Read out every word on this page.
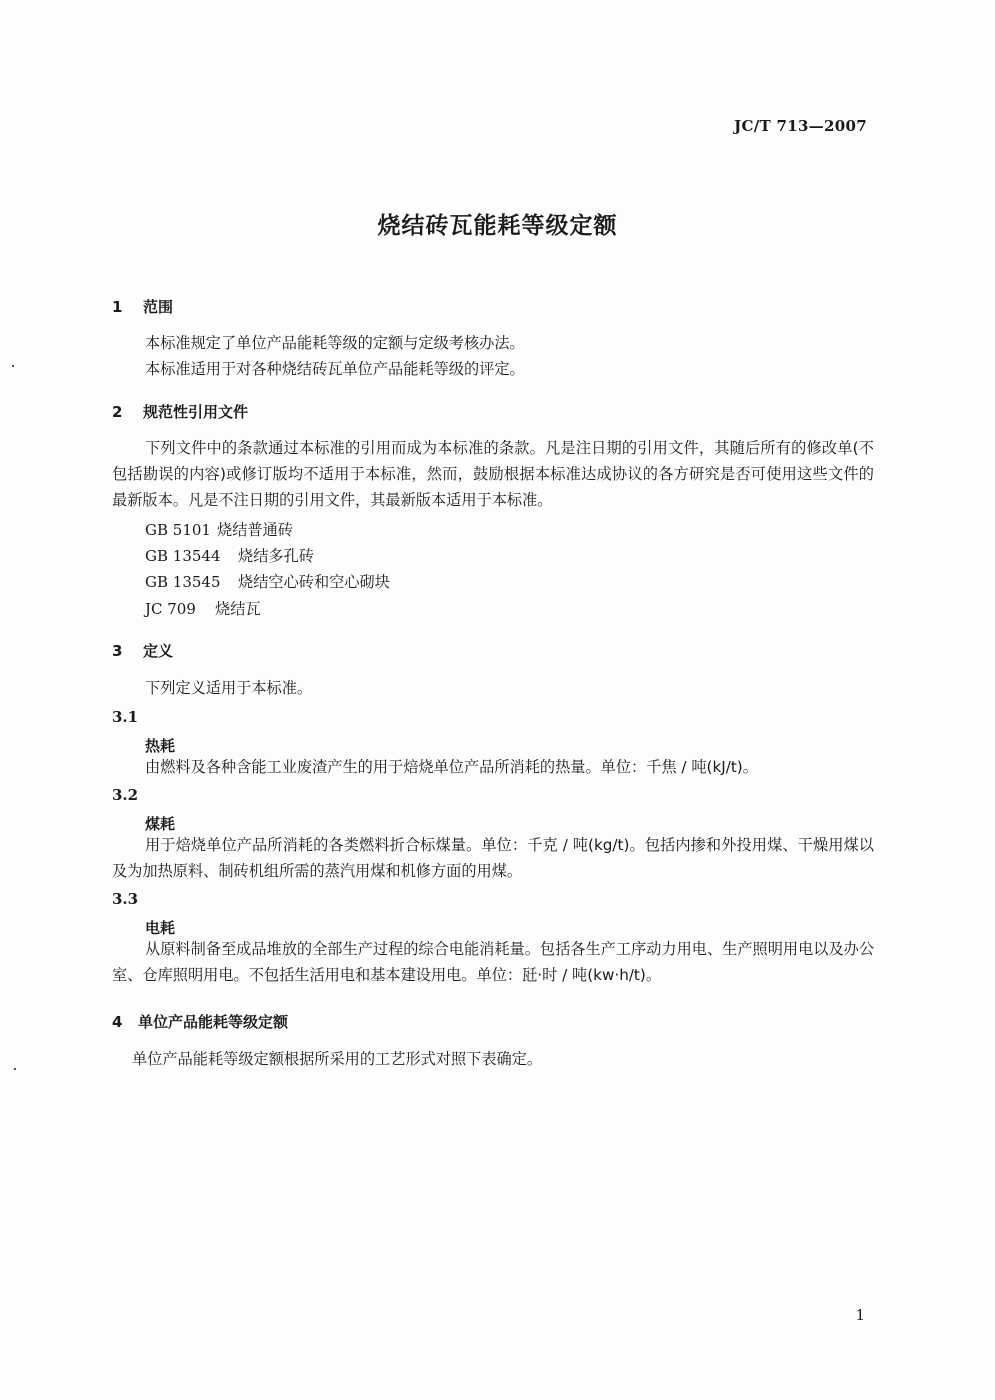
JC/T 713—2007
烧结砖瓦能耗等级定额
1 范围
本标准规定了单位产品能耗等级的定额与定级考核办法。
本标准适用于对各种烧结砖瓦单位产品能耗等级的评定。
2 规范性引用文件
下列文件中的条款通过本标准的引用而成为本标准的条款。凡是注日期的引用文件，其随后所有的修改单(不包括勘误的内容)或修订版均不适用于本标准，然而，鼓励根据本标准达成协议的各方研究是否可使用这些文件的最新版本。凡是不注日期的引用文件，其最新版本适用于本标准。
GB 5101 烧结普通砖
GB 13544 烧结多孔砖
GB 13545 烧结空心砖和空心砌块
JC 709 烧结瓦
3 定义
下列定义适用于本标准。
3.1
热耗
由燃料及各种含能工业废渣产生的用于焙烧单位产品所消耗的热量。单位：千焦 / 吨(kJ/t)。
3.2
煤耗
用于焙烧单位产品所消耗的各类燃料折合标煤量。单位：千克 / 吨(kg/t)。包括内掺和外投用煤、干燥用煤以及为加热原料、制砖机组所需的蒸汽用煤和机修方面的用煤。
3.3
电耗
从原料制备至成品堆放的全部生产过程的综合电能消耗量。包括各生产工序动力用电、生产照明用电以及办公室、仓库照明用电。不包括生活用电和基本建设用电。单位：瓩·时 / 吨(kw·h/t)。
4 单位产品能耗等级定额
单位产品能耗等级定额根据所采用的工艺形式对照下表确定。
1
